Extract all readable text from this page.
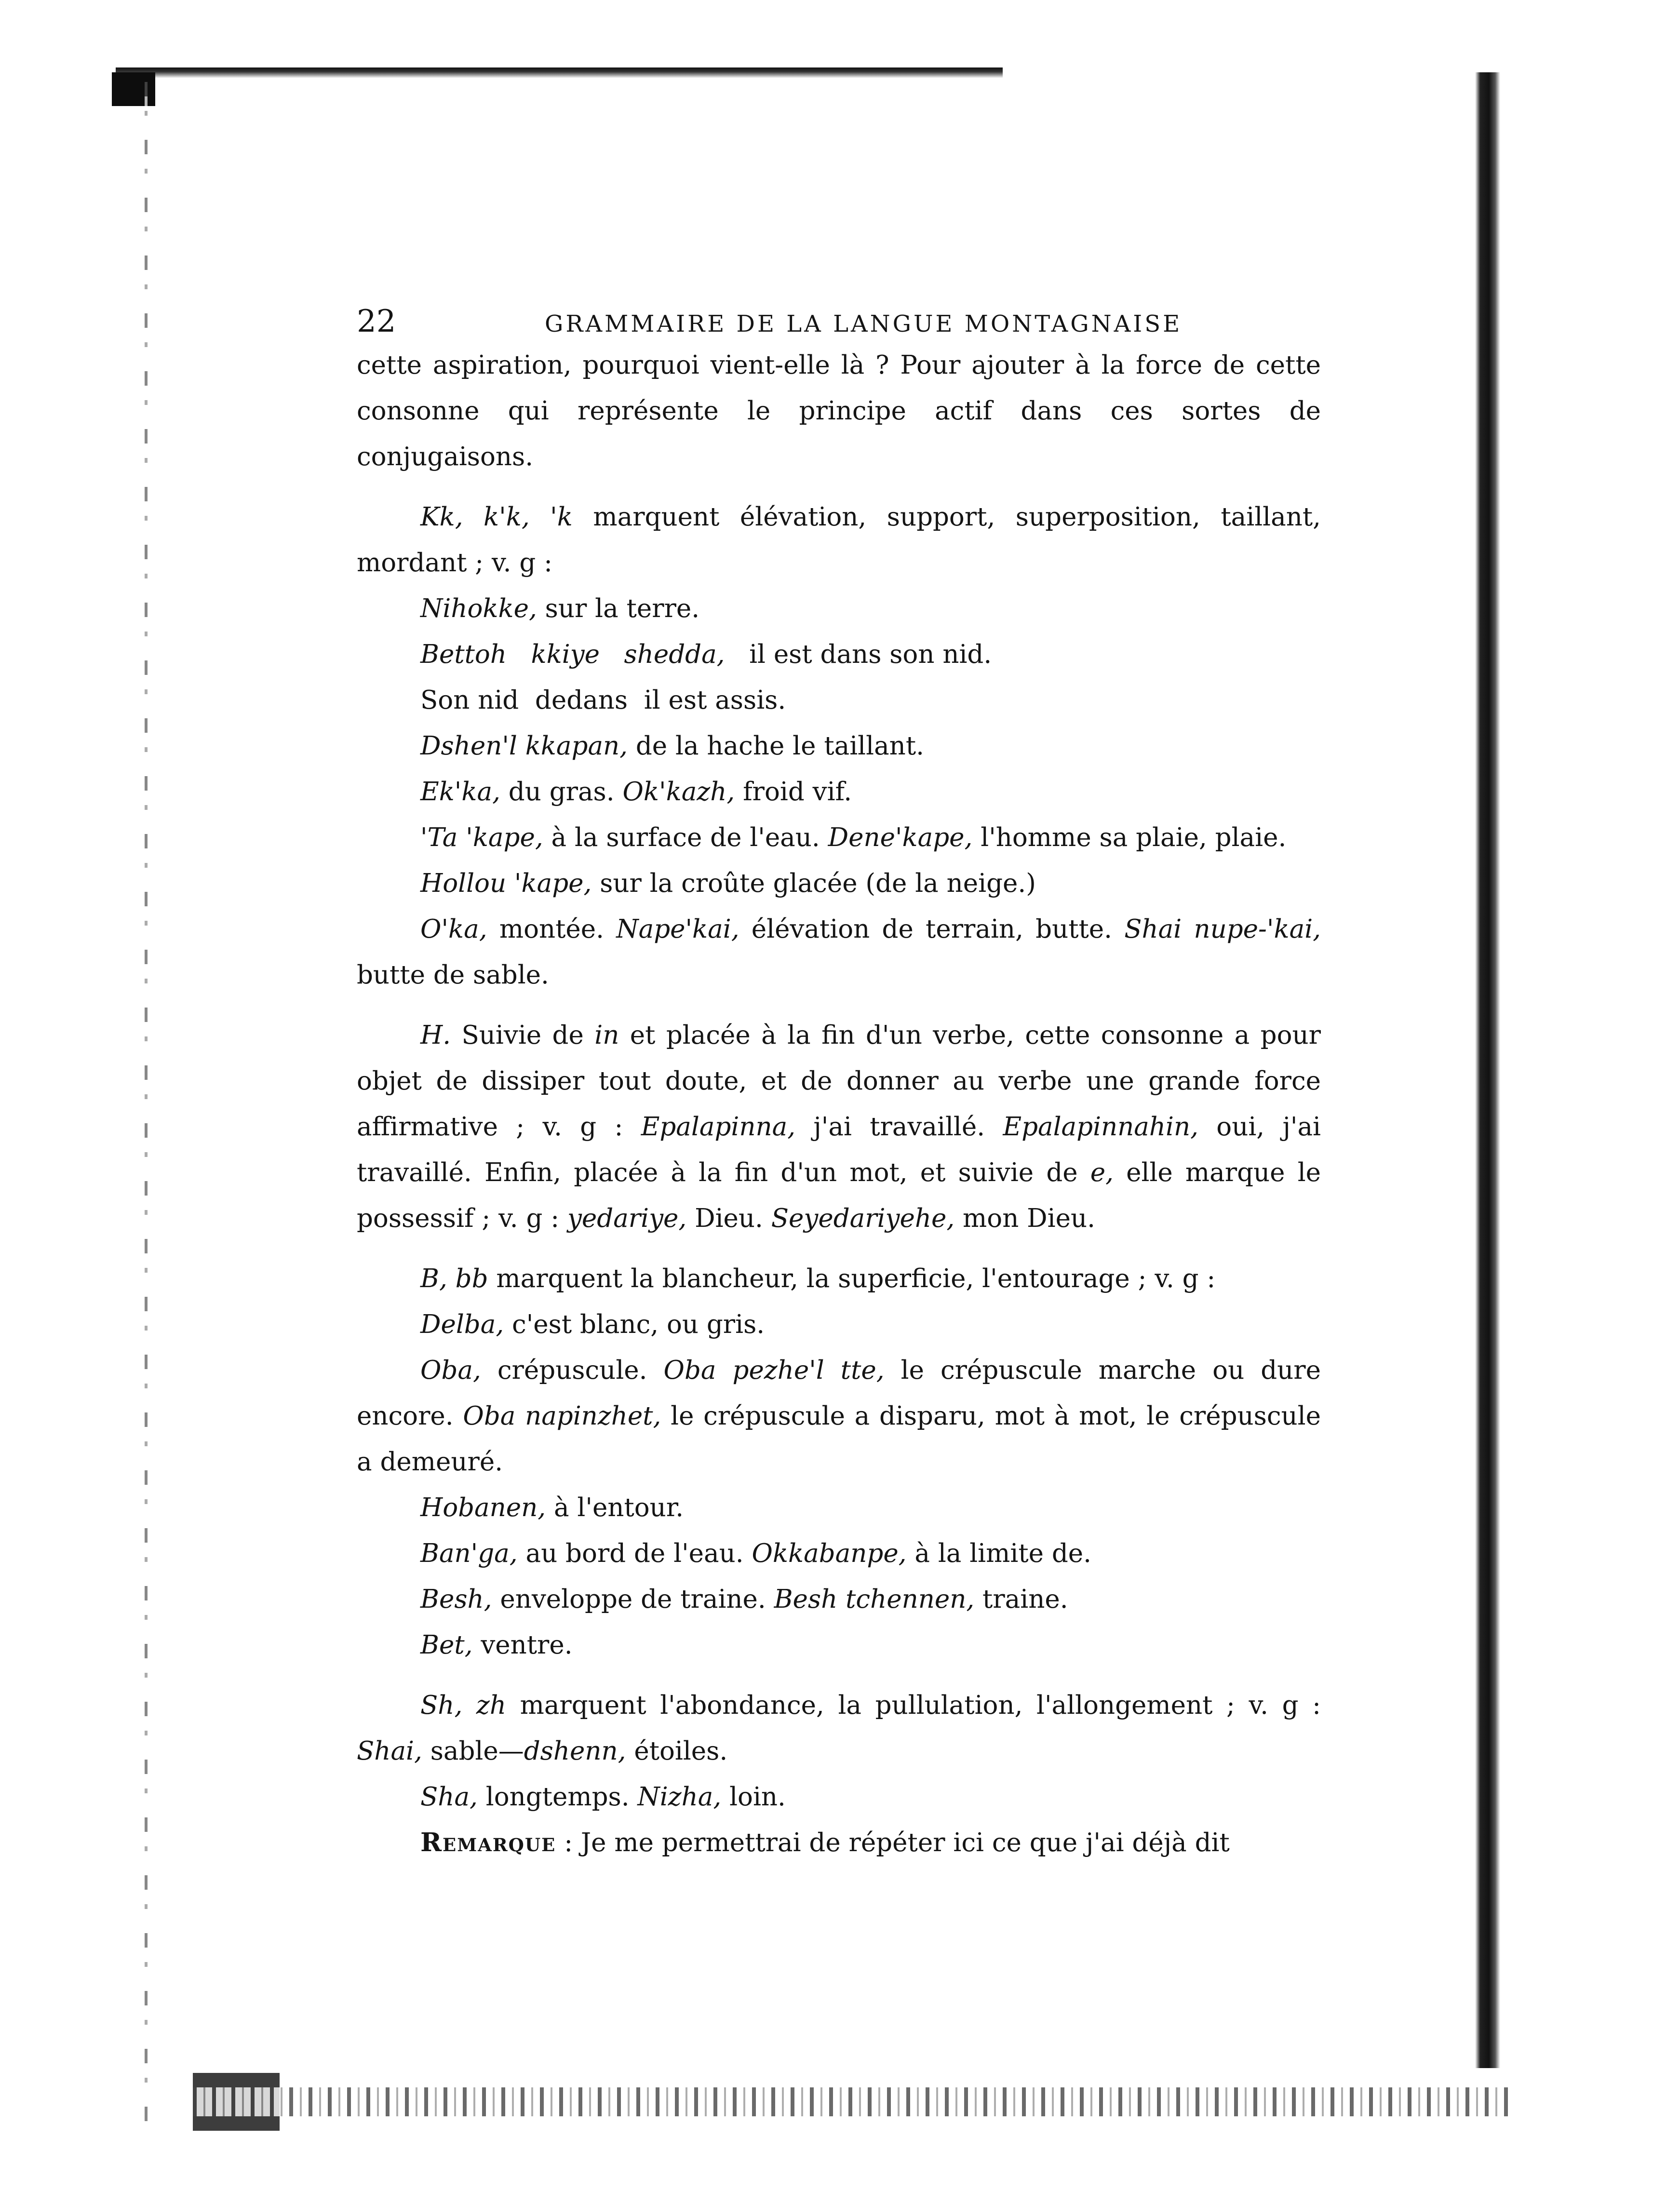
22	GRAMMAIRE DE LA LANGUE MONTAGNAISE

cette aspiration, pourquoi vient-elle là ? Pour ajouter à la force de cette consonne qui représente le principe actif dans ces sortes de conjugaisons.

Kk, k'k, 'k marquent élévation, support, superposition, taillant, mordant ; v. g :

Nihokke, sur la terre.

Bettoh   kkiye   shedda,   il est dans son nid.

Son nid  dedans  il est assis.

Dshen'l kkapan, de la hache le taillant.

Ek'ka, du gras. Ok'kazh, froid vif.

'Ta 'kape, à la surface de l'eau. Dene'kape, l'homme sa plaie, plaie.

Hollou 'kape, sur la croûte glacée (de la neige.)

O'ka, montée. Nape'kai, élévation de terrain, butte. Shai nupe-'kai, butte de sable.

H. Suivie de in et placée à la fin d'un verbe, cette consonne a pour objet de dissiper tout doute, et de donner au verbe une grande force affirmative ; v. g : Epalapinna, j'ai travaillé. Epalapinnahin, oui, j'ai travaillé. Enfin, placée à la fin d'un mot, et suivie de e, elle marque le possessif ; v. g : yedariye, Dieu. Seyedariyehe, mon Dieu.

B, bb marquent la blancheur, la superficie, l'entourage ; v. g :

Delba, c'est blanc, ou gris.

Oba, crépuscule. Oba pezhe'l tte, le crépuscule marche ou dure encore. Oba napinzhet, le crépuscule a disparu, mot à mot, le crépuscule a demeuré.

Hobanen, à l'entour.

Ban'ga, au bord de l'eau. Okkabanpe, à la limite de.

Besh, enveloppe de traine. Besh tchennen, traine.

Bet, ventre.

Sh, zh marquent l'abondance, la pullulation, l'allongement ; v. g : Shai, sable—dshenn, étoiles.

Sha, longtemps. Nizha, loin.

Remarque : Je me permettrai de répéter ici ce que j'ai déjà dit
